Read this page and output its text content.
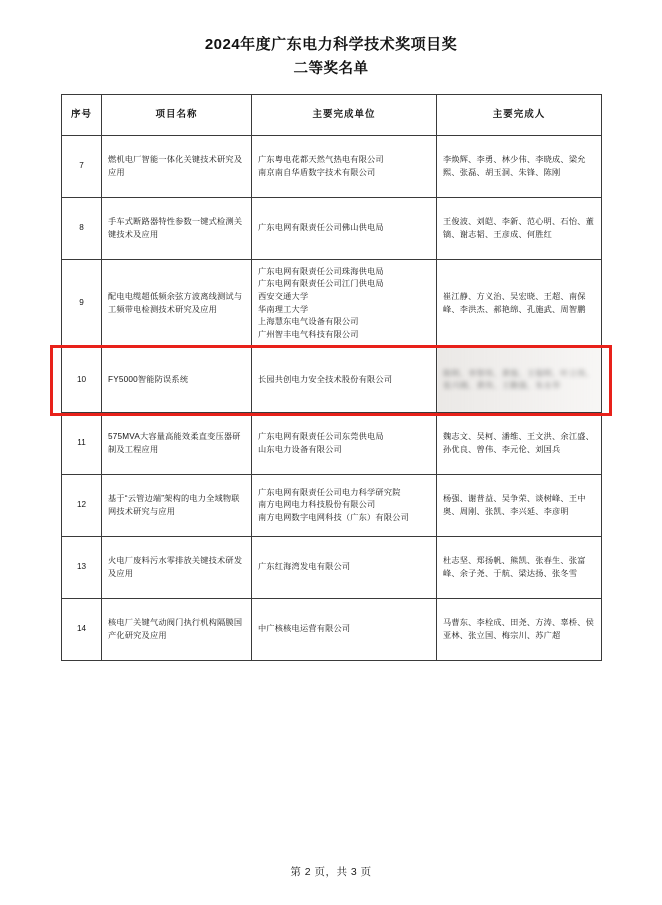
2024年度广东电力科学技术奖项目奖
二等奖名单
序号	项目名称	主要完成单位	主要完成人
7	燃机电厂智能一体化关键技术研究及应用	广东粤电花都天然气热电有限公司
南京南自华盾数字技术有限公司	李焕辉、李勇、林少伟、李晓成、梁允熙、张磊、胡玉洞、朱锋、陈刚
8	手车式断路器特性参数一键式检测关键技术及应用	广东电网有限责任公司佛山供电局	王俊波、刘皑、李新、范心明、石怡、董镝、谢志韬、王彦成、何胜红
9	配电电缆超低频余弦方波离线测试与工频带电检测技术研究及应用	
广东电网有限责任公司珠海供电局
广东电网有限责任公司江门供电局
西安交通大学
华南理工大学
上海慧东电气设备有限公司
广州智丰电气科技有限公司
	崔江静、方义治、吴宏晓、王超、南保峰、李洪杰、郝艳绵、孔施武、周智鹏
10	FY5000智能防误系统	长园共创电力安全技术股份有限公司	陈明、李智伟、黄俊、王俊明、叶立伟、张兴刚、黄伟、王勤强、朱永华
11	575MVA大容量高能效柔直变压器研制及工程应用	广东电网有限责任公司东莞供电局
山东电力设备有限公司	魏志文、吴柯、潘维、王文洪、余江盛、孙优良、曾伟、李元伦、刘国兵
12	基于“云管边端”架构的电力全域物联网技术研究与应用	广东电网有限责任公司电力科学研究院
南方电网电力科技股份有限公司
南方电网数字电网科技（广东）有限公司	杨强、谢普益、吴争荣、谈树峰、王中奥、周刚、张凯、李兴延、李彦明
13	火电厂废料污水零排放关键技术研发及应用	广东红海湾发电有限公司	杜志坚、郑扬帆、熊凯、张春生、张富峰、余子尧、于航、梁达扬、张冬雪
14	核电厂关键气动阀门执行机构隔膜国产化研究及应用	中广核核电运营有限公司	马曹东、李栓成、田尧、方涛、辜桥、侯亚林、张立国、梅宗川、苏广超
第 2 页，共 3 页
